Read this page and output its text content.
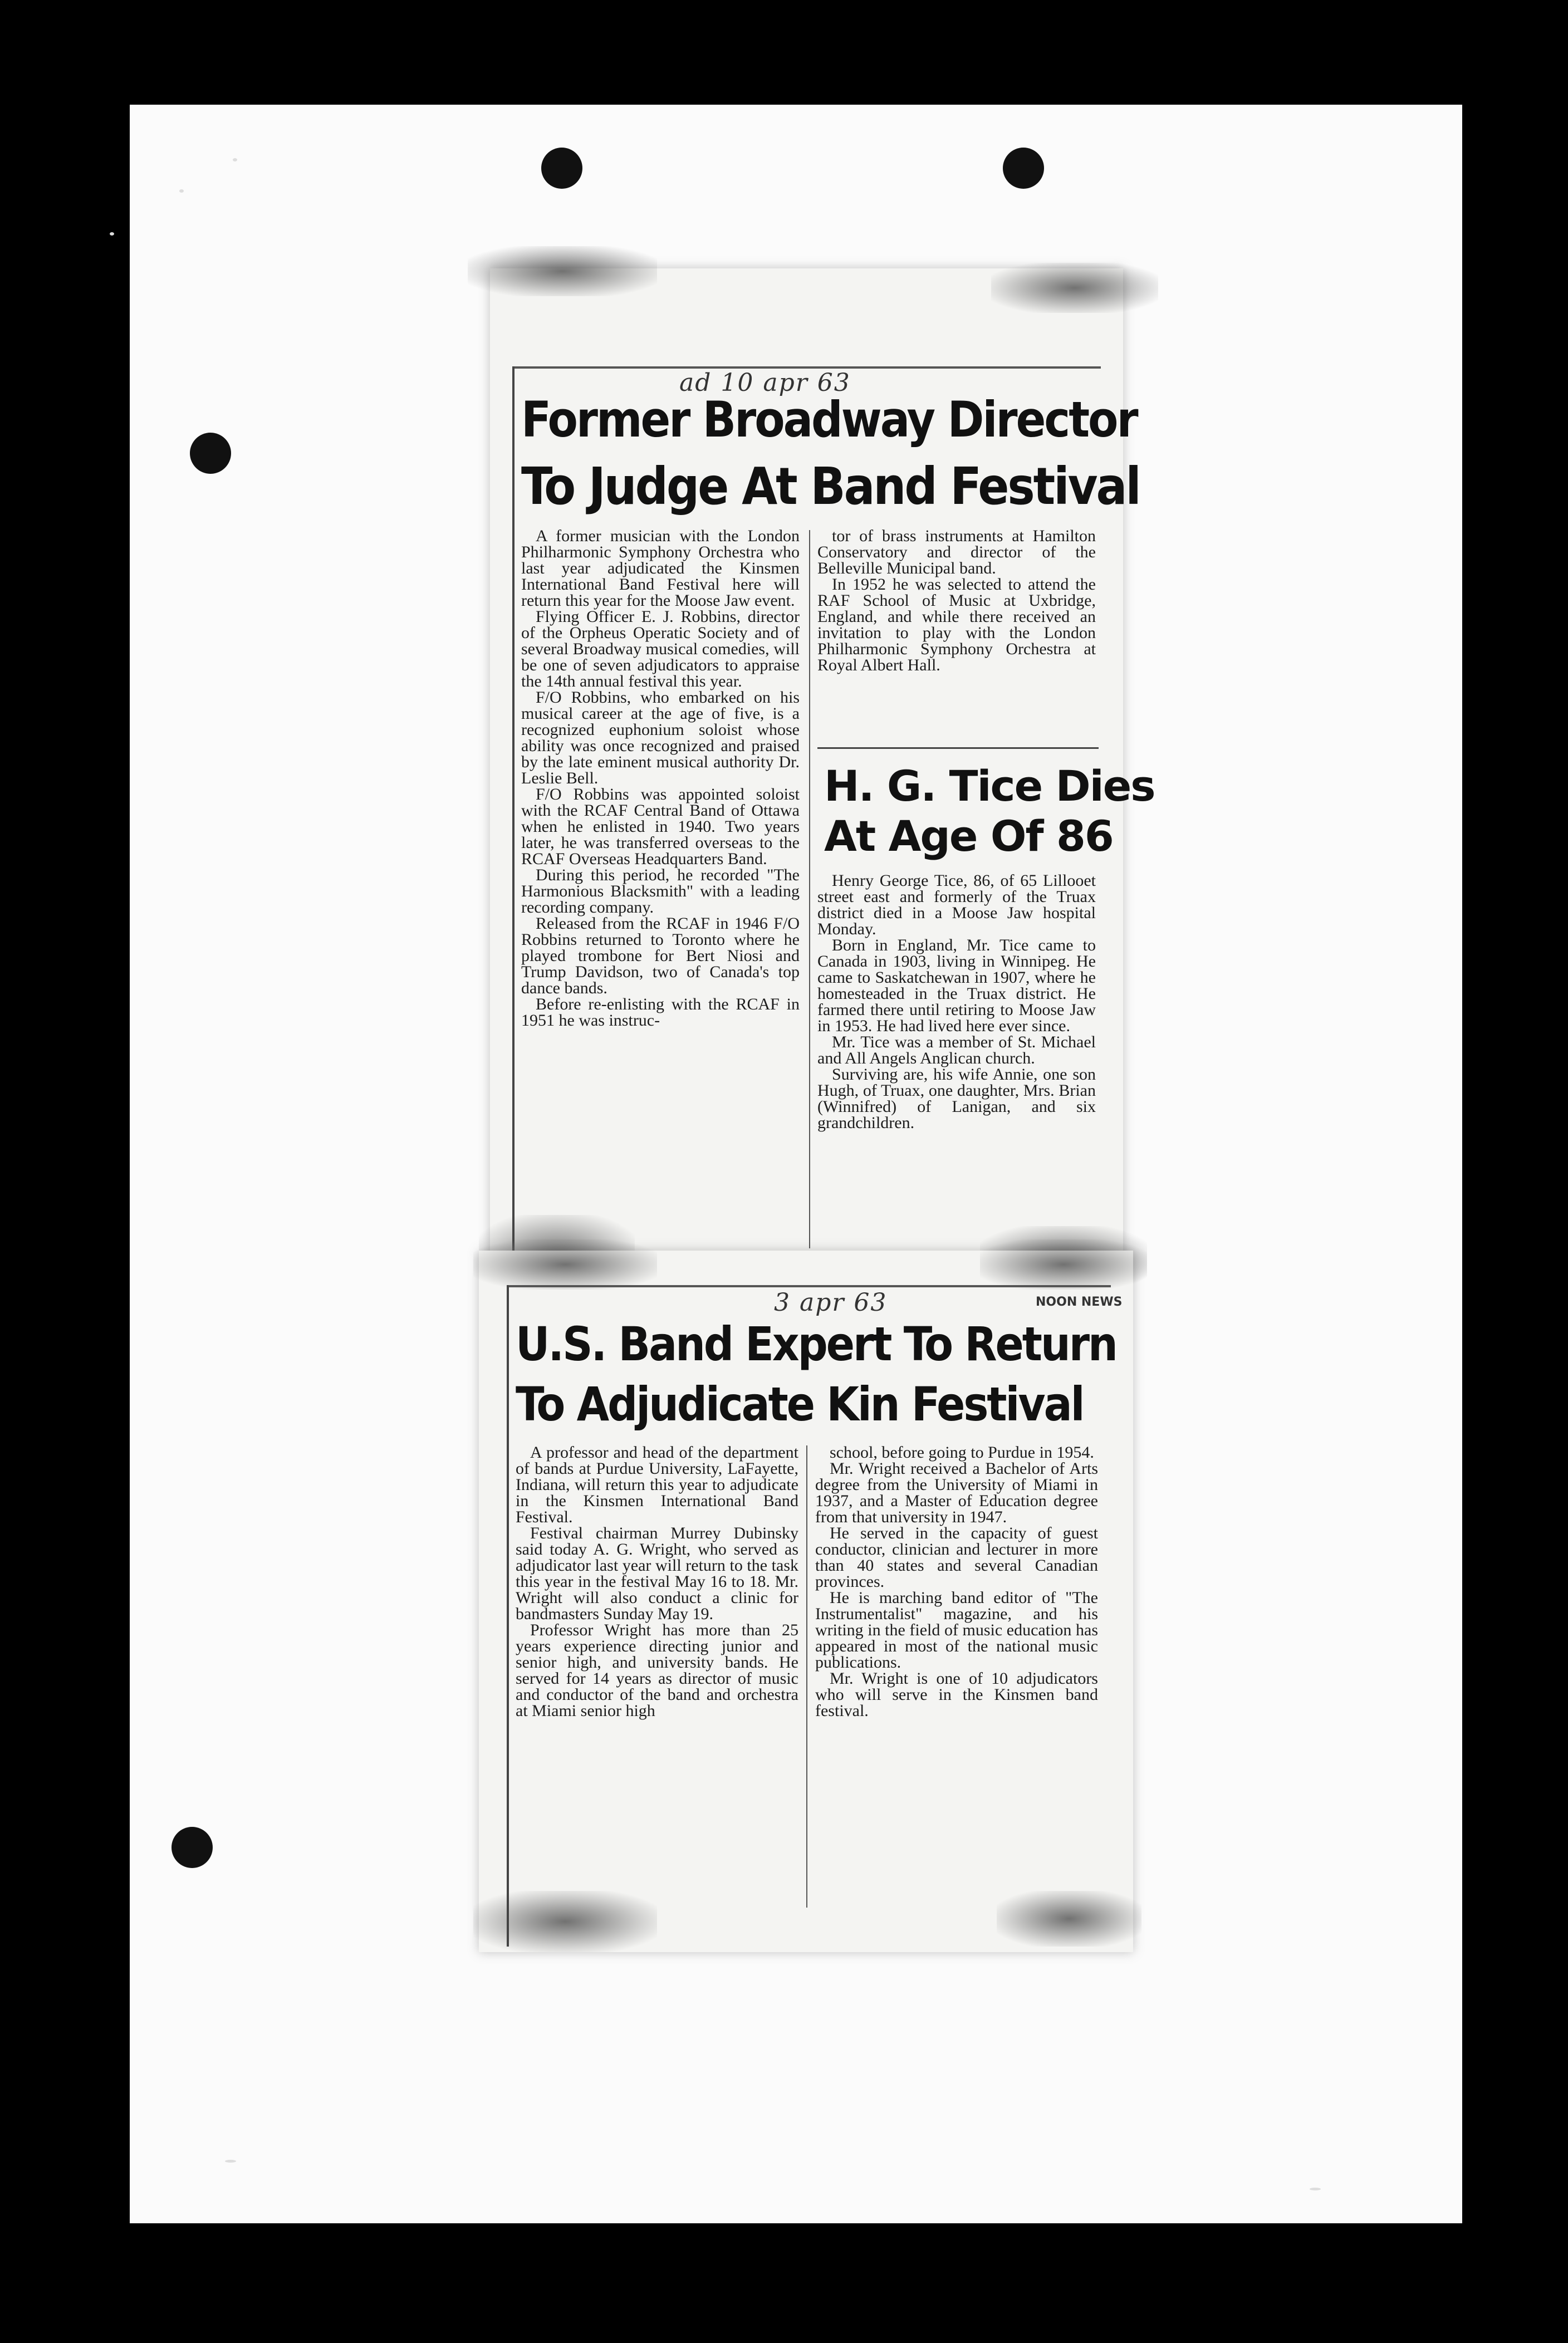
ad 10 apr 63
Former Broadway Director
To Judge At Band Festival

A former musician with the London Philharmonic Symphony Orchestra who last year adjudicated the Kinsmen International Band Festival here will return this year for the Moose Jaw event.

Flying Officer E. J. Robbins, director of the Orpheus Operatic Society and of several Broadway musical comedies, will be one of seven adjudicators to appraise the 14th annual festival this year.

F/O Robbins, who embarked on his musical career at the age of five, is a recognized euphonium soloist whose ability was once recognized and praised by the late eminent musical authority Dr. Leslie Bell.

F/O Robbins was appointed soloist with the RCAF Central Band of Ottawa when he enlisted in 1940. Two years later, he was transferred overseas to the RCAF Overseas Headquarters Band.

During this period, he recorded "The Harmonious Blacksmith" with a leading recording company.

Released from the RCAF in 1946 F/O Robbins returned to Toronto where he played trombone for Bert Niosi and Trump Davidson, two of Canada's top dance bands.

Before re-enlisting with the RCAF in 1951 he was instruc-

tor of brass instruments at Hamilton Conservatory and director of the Belleville Municipal band.

In 1952 he was selected to attend the RAF School of Music at Uxbridge, England, and while there received an invitation to play with the London Philharmonic Symphony Orchestra at Royal Albert Hall.

H. G. Tice Dies
At Age Of 86

Henry George Tice, 86, of 65 Lillooet street east and formerly of the Truax district died in a Moose Jaw hospital Monday.

Born in England, Mr. Tice came to Canada in 1903, living in Winnipeg. He came to Saskatchewan in 1907, where he homesteaded in the Truax district. He farmed there until retiring to Moose Jaw in 1953. He had lived here ever since.

Mr. Tice was a member of St. Michael and All Angels Anglican church.

Surviving are, his wife Annie, one son Hugh, of Truax, one daughter, Mrs. Brian (Winnifred) of Lanigan, and six grandchildren.

3 apr 63	NOON NEWS
U.S. Band Expert To Return
To Adjudicate Kin Festival

A professor and head of the department of bands at Purdue University, LaFayette, Indiana, will return this year to adjudicate in the Kinsmen International Band Festival.

Festival chairman Murrey Dubinsky said today A. G. Wright, who served as adjudicator last year will return to the task this year in the festival May 16 to 18. Mr. Wright will also conduct a clinic for bandmasters Sunday May 19.

Professor Wright has more than 25 years experience directing junior and senior high, and university bands. He served for 14 years as director of music and conductor of the band and orchestra at Miami senior high

school, before going to Purdue in 1954.

Mr. Wright received a Bachelor of Arts degree from the University of Miami in 1937, and a Master of Education degree from that university in 1947.

He served in the capacity of guest conductor, clinician and lecturer in more than 40 states and several Canadian provinces.

He is marching band editor of "The Instrumentalist" magazine, and his writing in the field of music education has appeared in most of the national music publications.

Mr. Wright is one of 10 adjudicators who will serve in the Kinsmen band festival.
